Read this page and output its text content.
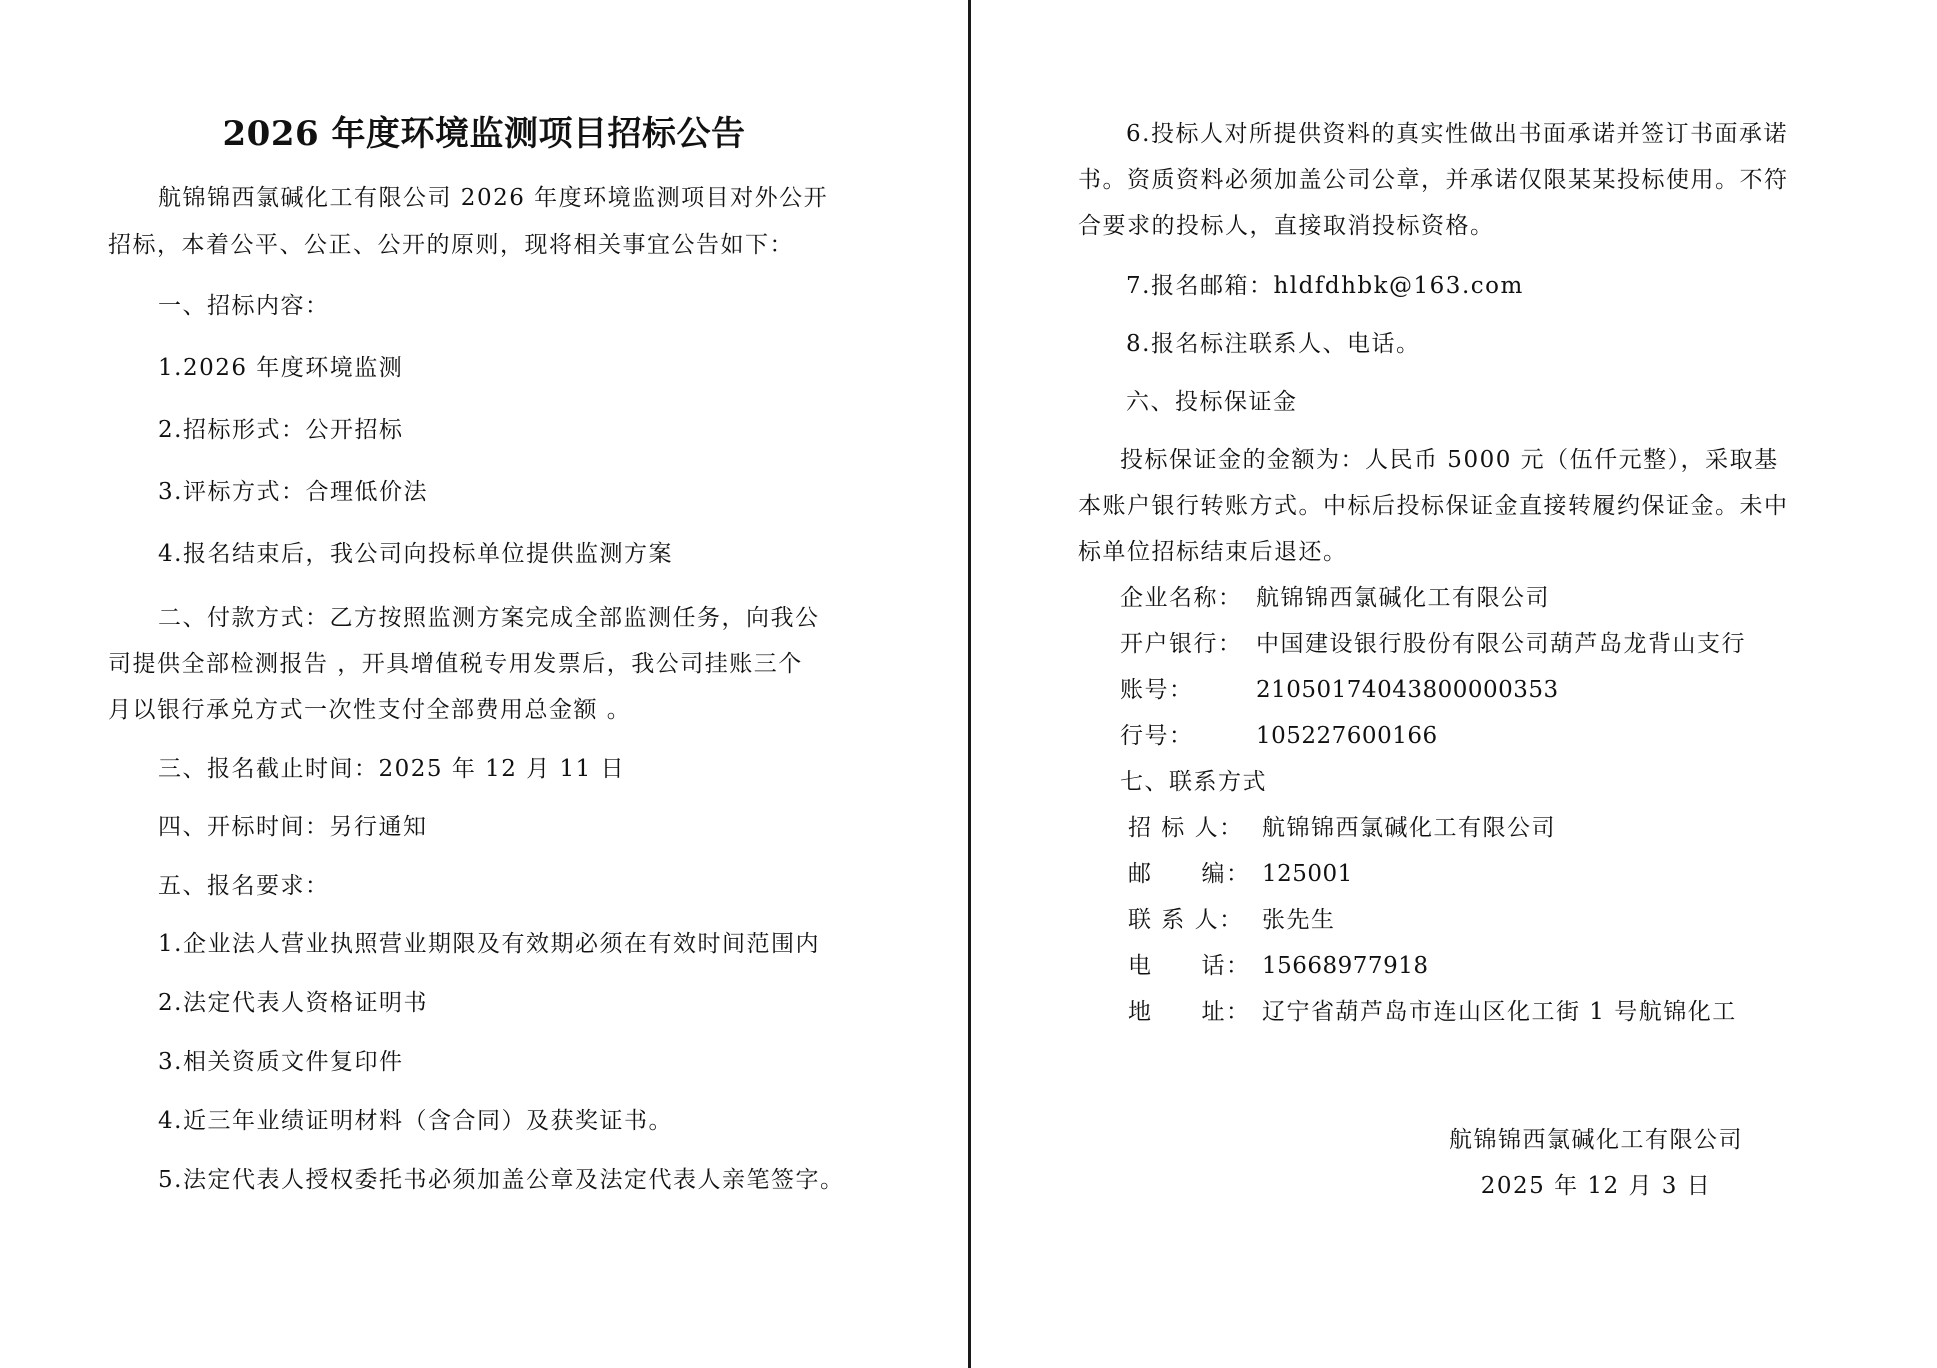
2026 年度环境监测项目招标公告
航锦锦西氯碱化工有限公司 2026 年度环境监测项目对外公开
招标，本着公平、公正、公开的原则，现将相关事宜公告如下：
一、招标内容：
1.2026 年度环境监测
2.招标形式：公开招标
3.评标方式：合理低价法
4.报名结束后，我公司向投标单位提供监测方案
二、付款方式：乙方按照监测方案完成全部监测任务，向我公
司提供全部检测报告 ，开具增值税专用发票后，我公司挂账三个
月以银行承兑方式一次性支付全部费用总金额 。
三、报名截止时间：2025 年 12 月 11 日
四、开标时间：另行通知
五、报名要求：
1.企业法人营业执照营业期限及有效期必须在有效时间范围内
2.法定代表人资格证明书
3.相关资质文件复印件
4.近三年业绩证明材料（含合同）及获奖证书。
5.法定代表人授权委托书必须加盖公章及法定代表人亲笔签字。
6.投标人对所提供资料的真实性做出书面承诺并签订书面承诺
书。资质资料必须加盖公司公章，并承诺仅限某某投标使用。不符
合要求的投标人，直接取消投标资格。
7.报名邮箱：hldfdhbk@163.com
8.报名标注联系人、电话。
六、投标保证金
投标保证金的金额为：人民币 5000 元（伍仟元整），采取基
本账户银行转账方式。中标后投标保证金直接转履约保证金。未中
标单位招标结束后退还。
企业名称： 航锦锦西氯碱化工有限公司
开户银行： 中国建设银行股份有限公司葫芦岛龙背山支行
账号：	21050174043800000353
行号：	105227600166
七、联系方式
招 标 人： 航锦锦西氯碱化工有限公司
邮　　编： 125001
联 系 人： 张先生
电　　话： 15668977918
地　　址： 辽宁省葫芦岛市连山区化工街 1 号航锦化工
航锦锦西氯碱化工有限公司
2025 年 12 月 3 日
